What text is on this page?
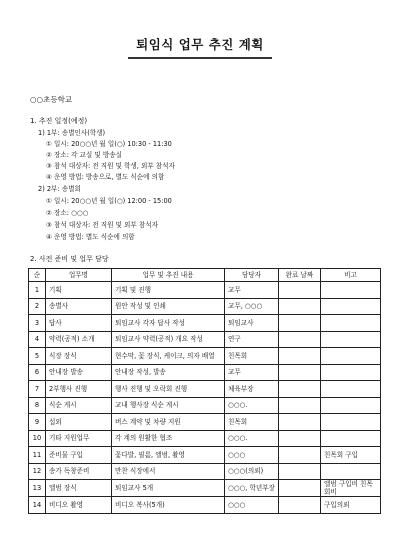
퇴임식 업무 추진 계획
○○초등학교
1. 추진 일정(예정)
1) 1부: 송별인사(학생)
① 일시: 20○○년 월 일(○) 10:30 - 11:30
② 장소: 각 교실 및 방송실
③ 참석 대상자: 전 직원 및 학생, 외부 참석자
④ 운영 방법: 방송으로, 별도 식순에 의함
2) 2부: 송별회
① 일시: 20○○년 월 일(○) 12:00 - 15:00
② 장소: ○○○
③ 참석 대상자: 전 직원 및 외부 참석자
④ 운영 방법: 별도 식순에 의함
2. 사전 준비 및 업무 담당
순	업무명	업무 및 추진 내용	담당자	완료 날짜	비고
1	기획	기획 및 진행	교무		
2	송별사	원안 작성 및 인쇄	교무, ○○○		
3	답사	퇴임교사 각자 답사 작성	퇴임교사		
4	약력(공적) 소개	퇴임교사 약력(공적) 개요 작성	연구		
5	식장 장식	현수막, 꽃 장식, 케이크, 의자 배열	친목회		
6	안내장 발송	안내장 작성, 발송	교무		
7	2부행사 진행	행사 진행 및 오락회 진행	체육부장		
8	식순 게시	교내 행사장 식순 게시	○○○.		
9	섭외	버스 계약 및 차량 지원	친목회		
10	기타 지원업무	각 계의 원활한 협조	○○○.		
11	준비물 구입	꽃다발, 필름, 앨범, 촬영	○○○		친목회 구입
12	송가 독창준비	만찬 식장에서	○○○(의뢰)		
13	앨범 장식	퇴임교사 5개	○○○, 학년부장		앨범 구입비 친목회비
14	비디오 촬영	비디오 복사(5개)	○○○		구입의뢰
